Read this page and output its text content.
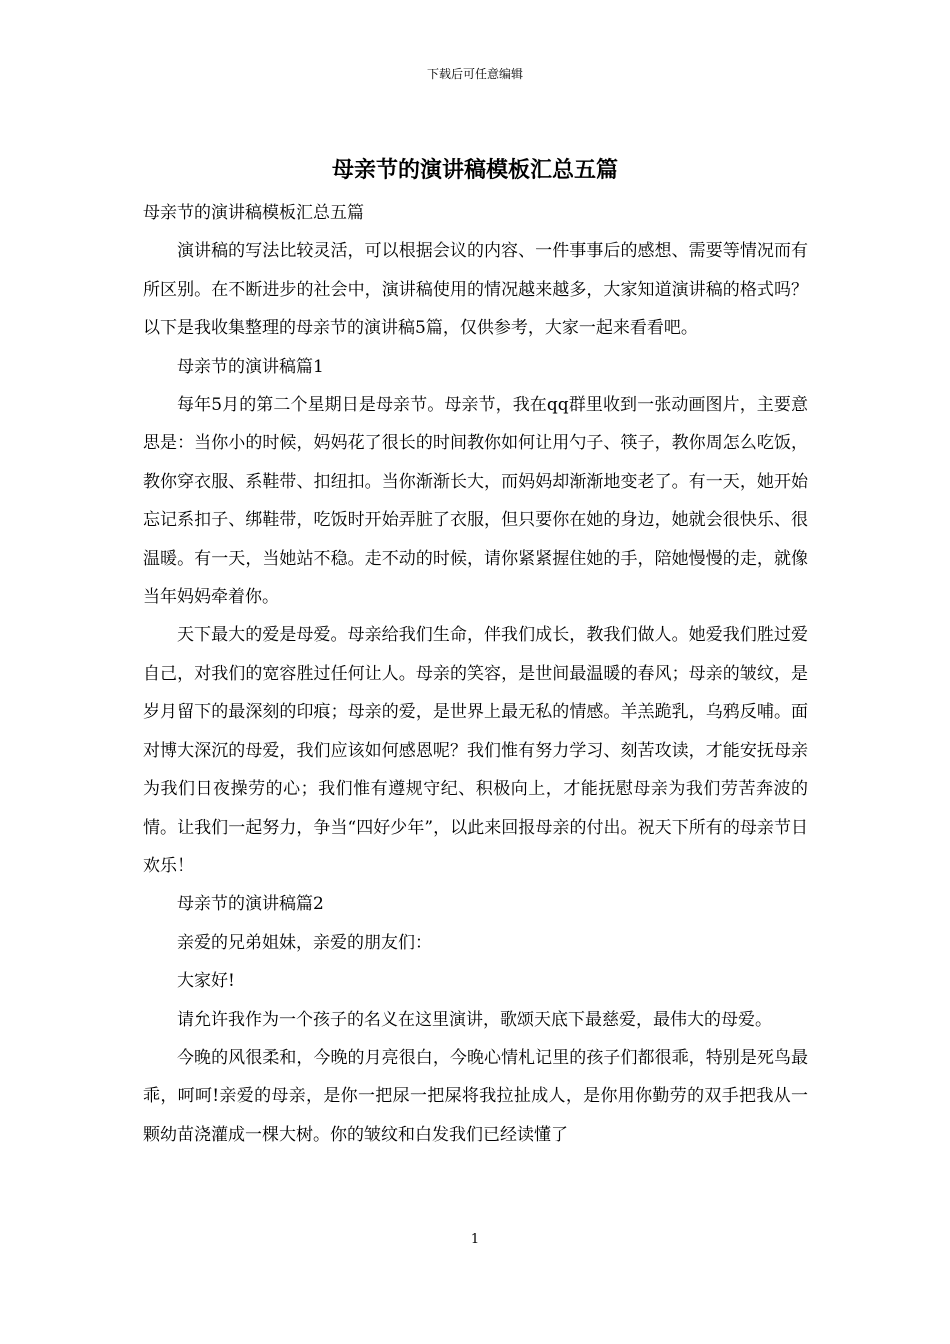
下载后可任意编辑
母亲节的演讲稿模板汇总五篇

母亲节的演讲稿模板汇总五篇

演讲稿的写法比较灵活，可以根据会议的内容、一件事事后的感想、需要等情况而有所区别。在不断进步的社会中，演讲稿使用的情况越来越多，大家知道演讲稿的格式吗？以下是我收集整理的母亲节的演讲稿5篇，仅供参考，大家一起来看看吧。

母亲节的演讲稿篇1

每年5月的第二个星期日是母亲节。母亲节，我在qq群里收到一张动画图片，主要意思是：当你小的时候，妈妈花了很长的时间教你如何让用勺子、筷子，教你周怎么吃饭，教你穿衣服、系鞋带、扣纽扣。当你渐渐长大，而妈妈却渐渐地变老了。有一天，她开始忘记系扣子、绑鞋带，吃饭时开始弄脏了衣服，但只要你在她的身边，她就会很快乐、很温暖。有一天，当她站不稳。走不动的时候，请你紧紧握住她的手，陪她慢慢的走，就像当年妈妈牵着你。

天下最大的爱是母爱。母亲给我们生命，伴我们成长，教我们做人。她爱我们胜过爱自己，对我们的宽容胜过任何让人。母亲的笑容，是世间最温暖的春风；母亲的皱纹，是岁月留下的最深刻的印痕；母亲的爱，是世界上最无私的情感。羊羔跪乳，乌鸦反哺。面对博大深沉的母爱，我们应该如何感恩呢？我们惟有努力学习、刻苦攻读，才能安抚母亲为我们日夜操劳的心；我们惟有遵规守纪、积极向上，才能抚慰母亲为我们劳苦奔波的情。让我们一起努力，争当“四好少年”，以此来回报母亲的付出。祝天下所有的母亲节日欢乐！

母亲节的演讲稿篇2

亲爱的兄弟姐妹，亲爱的朋友们：

大家好!

请允许我作为一个孩子的名义在这里演讲，歌颂天底下最慈爱，最伟大的母爱。

今晚的风很柔和，今晚的月亮很白，今晚心情札记里的孩子们都很乖，特别是死鸟最乖，呵呵!亲爱的母亲，是你一把尿一把屎将我拉扯成人，是你用你勤劳的双手把我从一颗幼苗浇灌成一棵大树。你的皱纹和白发我们已经读懂了

1
